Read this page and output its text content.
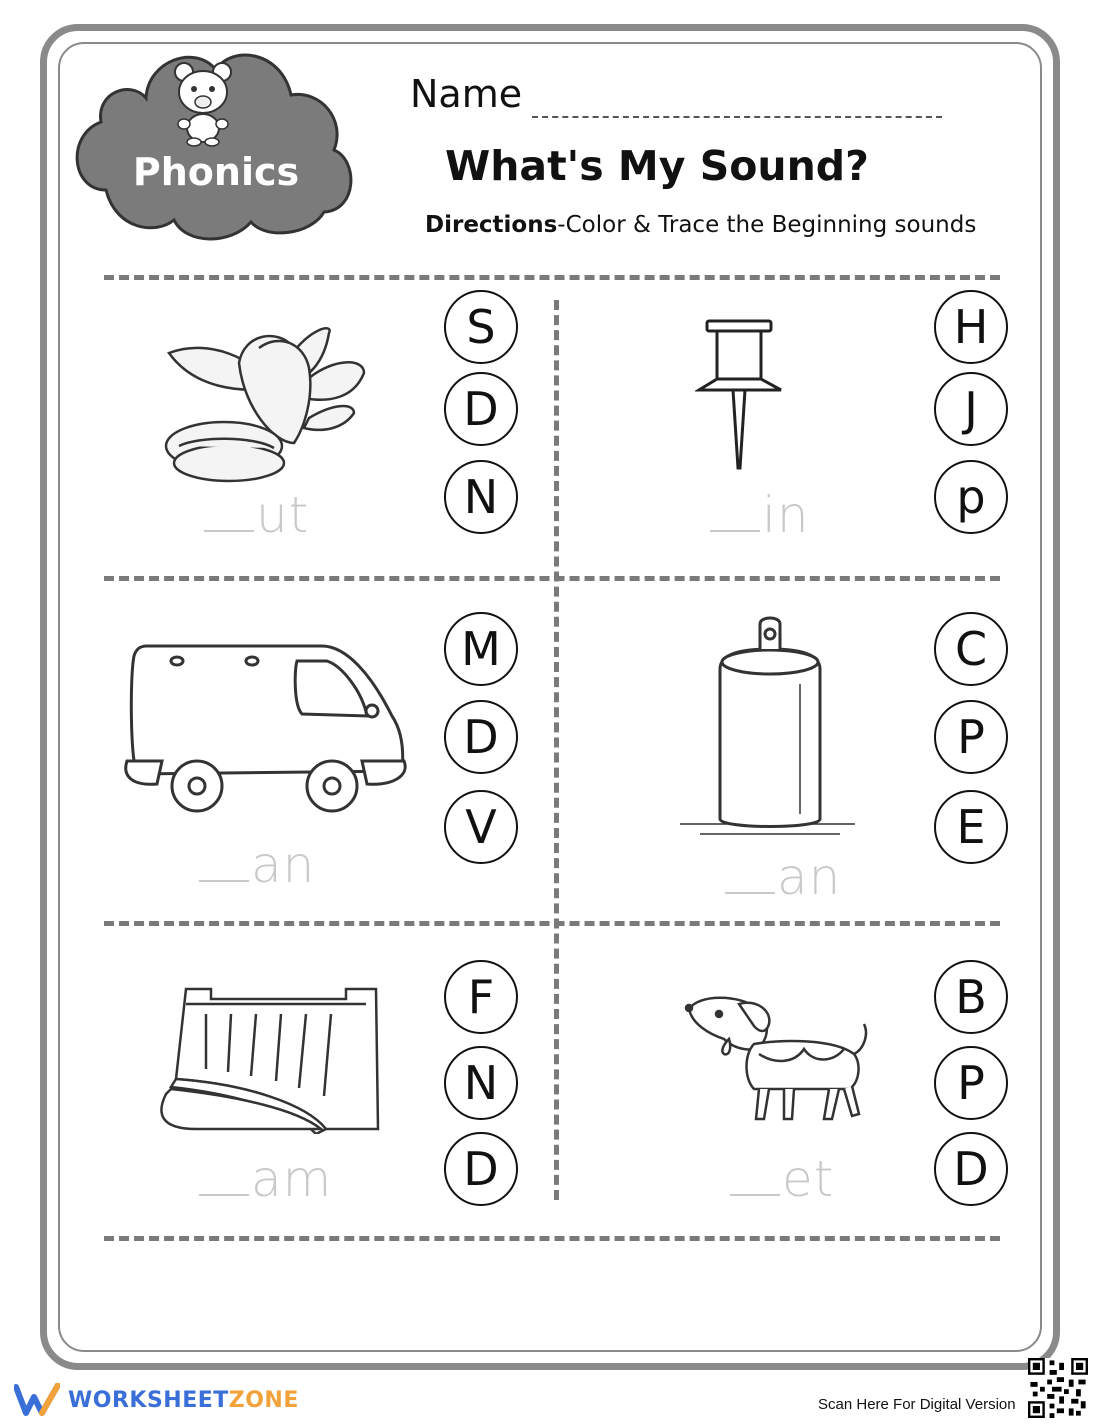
Phonics
Name
What's My Sound?
Directions-Color & Trace the Beginning sounds
ut
S
D
N	in
H
J
p
an
M
D
V
an
C
P
E
am
F
N
D	et
B
P
D
WORKSHEETZONE	Scan Here For Digital Version
